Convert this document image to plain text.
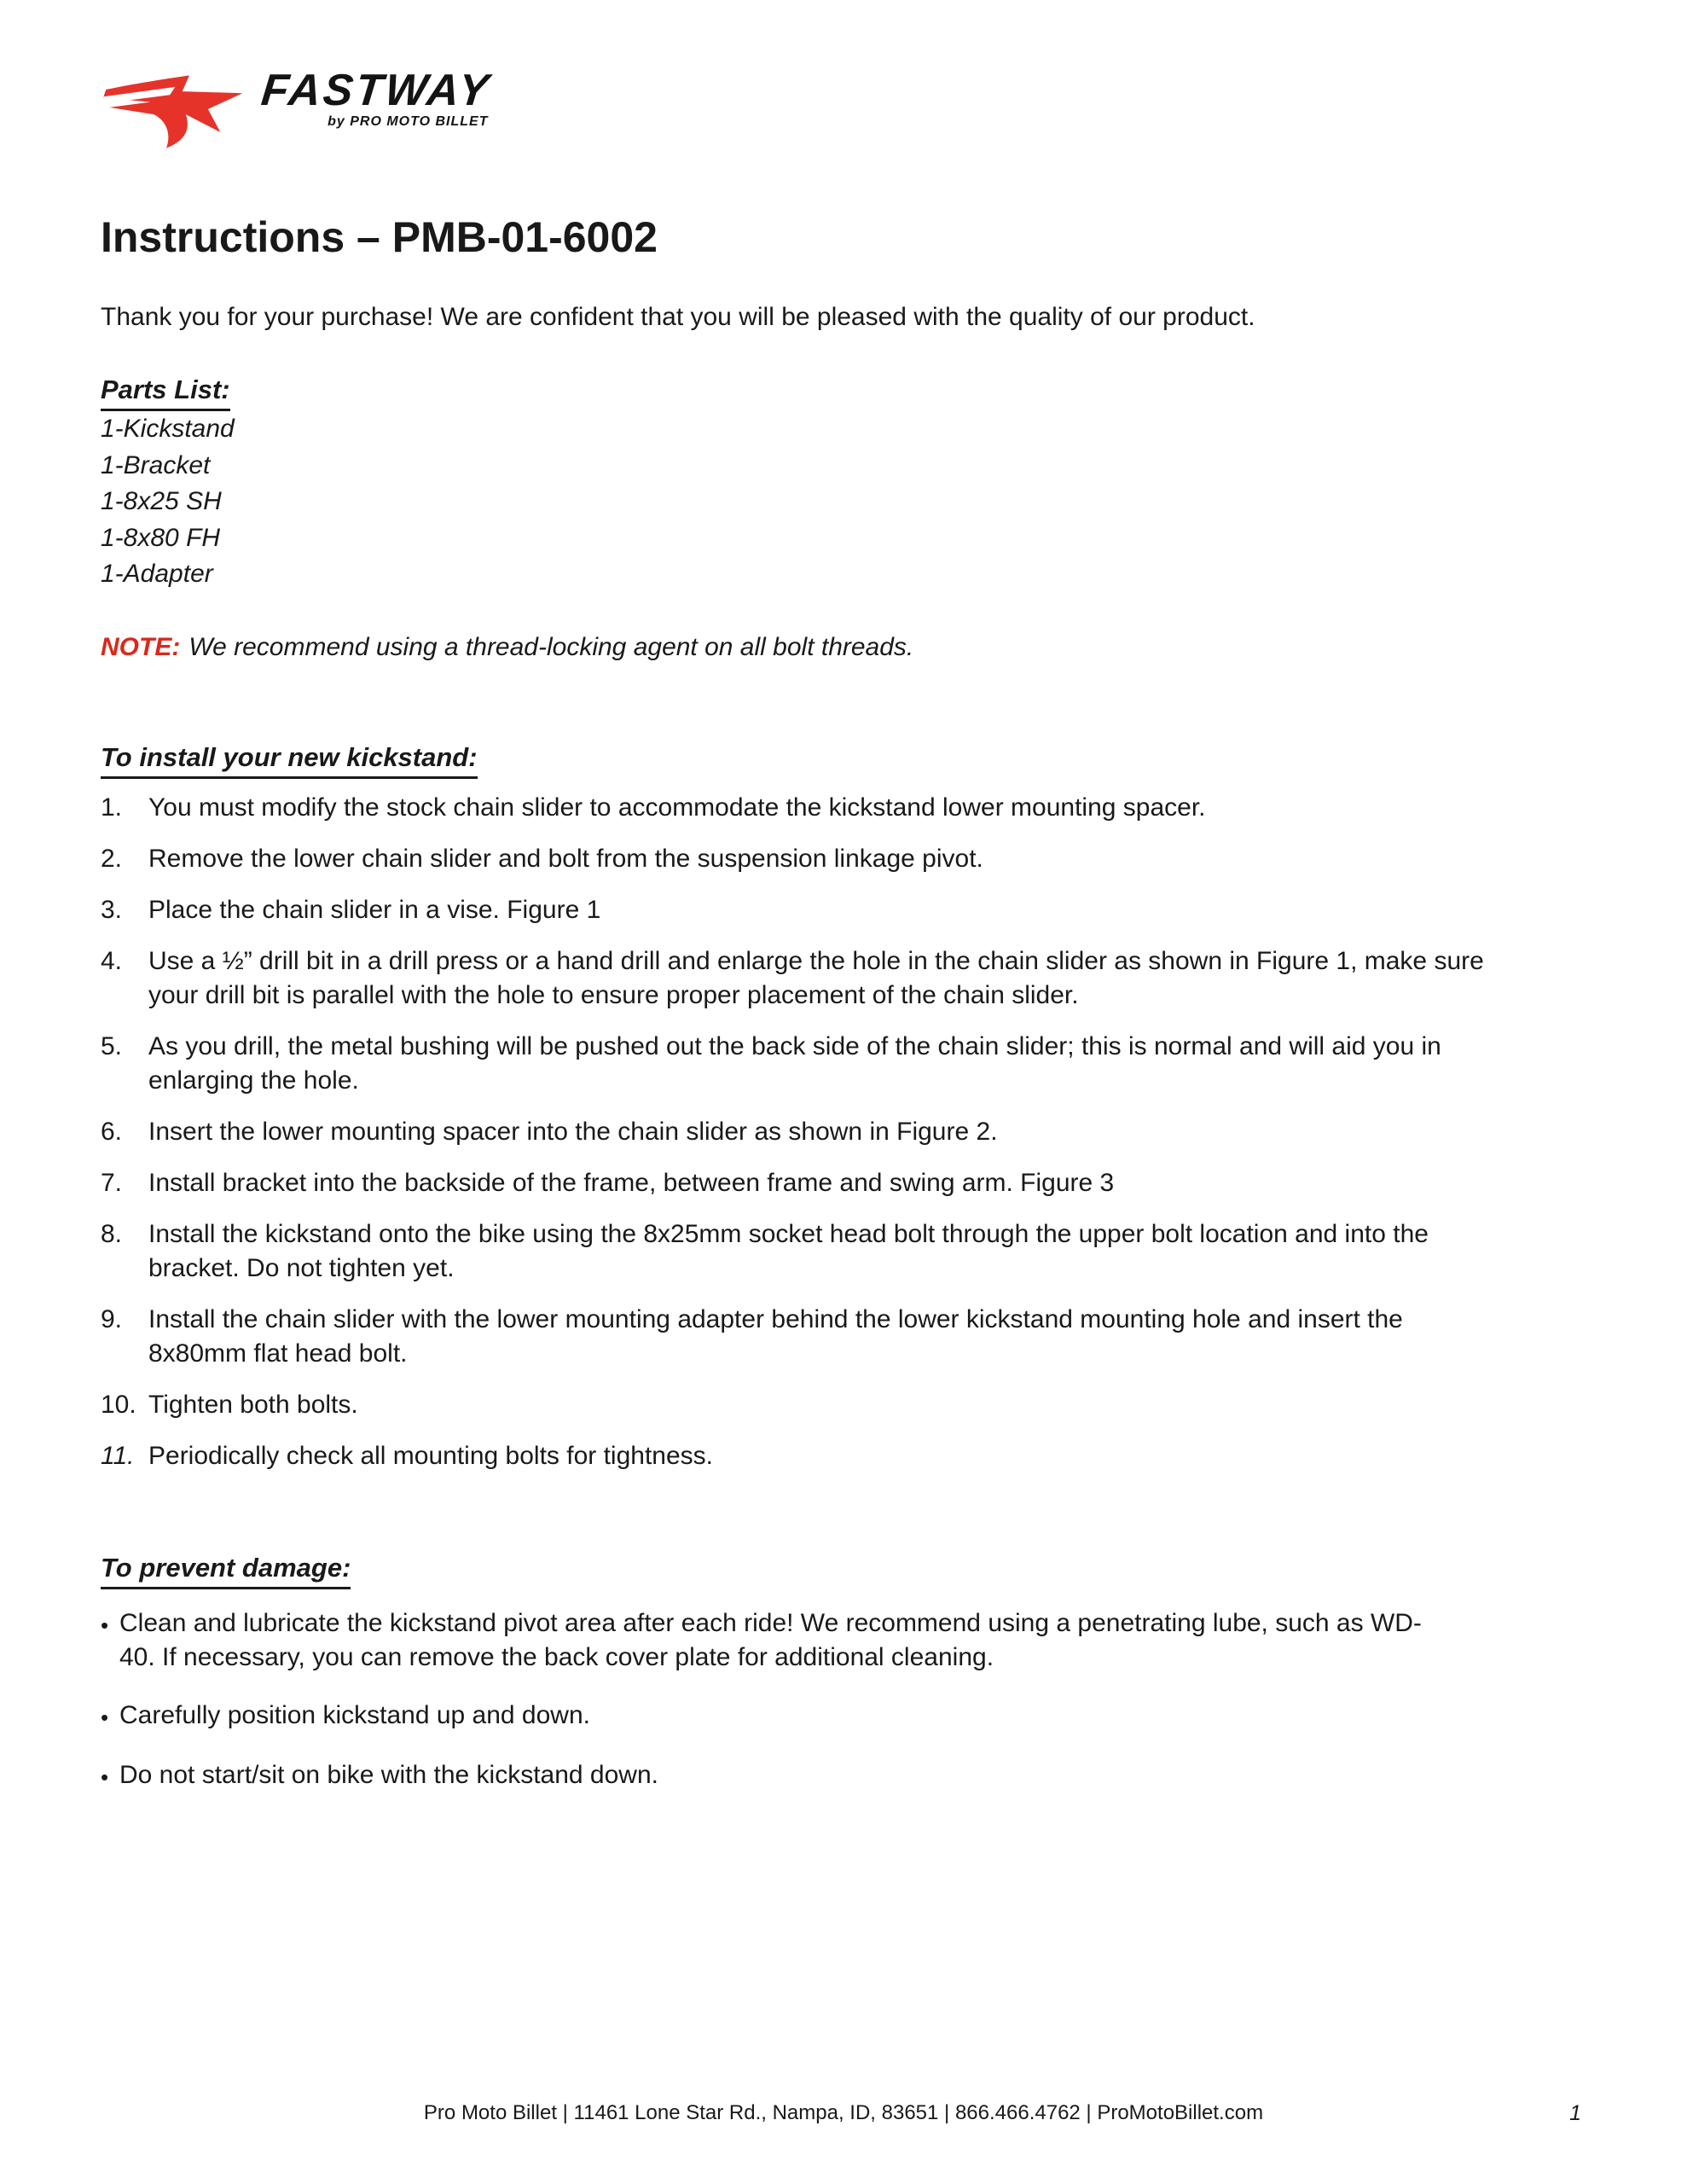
FASTWAY
by PRO MOTO BILLET
Instructions – PMB-01-6002

Thank you for your purchase! We are confident that you will be pleased with the quality of our product.

Parts List:
1-Kickstand
1-Bracket
1-8x25 SH
1-8x80 FH
1-Adapter

NOTE: We recommend using a thread-locking agent on all bolt threads.

To install your new kickstand:
1.	You must modify the stock chain slider to accommodate the kickstand lower mounting spacer.
2.	Remove the lower chain slider and bolt from the suspension linkage pivot.
3.	Place the chain slider in a vise. Figure 1
4.	Use a ½” drill bit in a drill press or a hand drill and enlarge the hole in the chain slider as shown in Figure 1, make sure your drill bit is parallel with the hole to ensure proper placement of the chain slider.
5.	As you drill, the metal bushing will be pushed out the back side of the chain slider; this is normal and will aid you in enlarging the hole.
6.	Insert the lower mounting spacer into the chain slider as shown in Figure 2.
7.	Install bracket into the backside of the frame, between frame and swing arm. Figure 3
8.	Install the kickstand onto the bike using the 8x25mm socket head bolt through the upper bolt location and into the bracket. Do not tighten yet.
9.	Install the chain slider with the lower mounting adapter behind the lower kickstand mounting hole and insert the 8x80mm flat head bolt.
10. Tighten both bolts.
11. Periodically check all mounting bolts for tightness.
To prevent damage:
• Clean and lubricate the kickstand pivot area after each ride! We recommend using a penetrating lube, such as WD-40. If necessary, you can remove the back cover plate for additional cleaning.
• Carefully position kickstand up and down.
• Do not start/sit on bike with the kickstand down.
Pro Moto Billet | 11461 Lone Star Rd., Nampa, ID, 83651 | 866.466.4762 | ProMotoBillet.com	1
